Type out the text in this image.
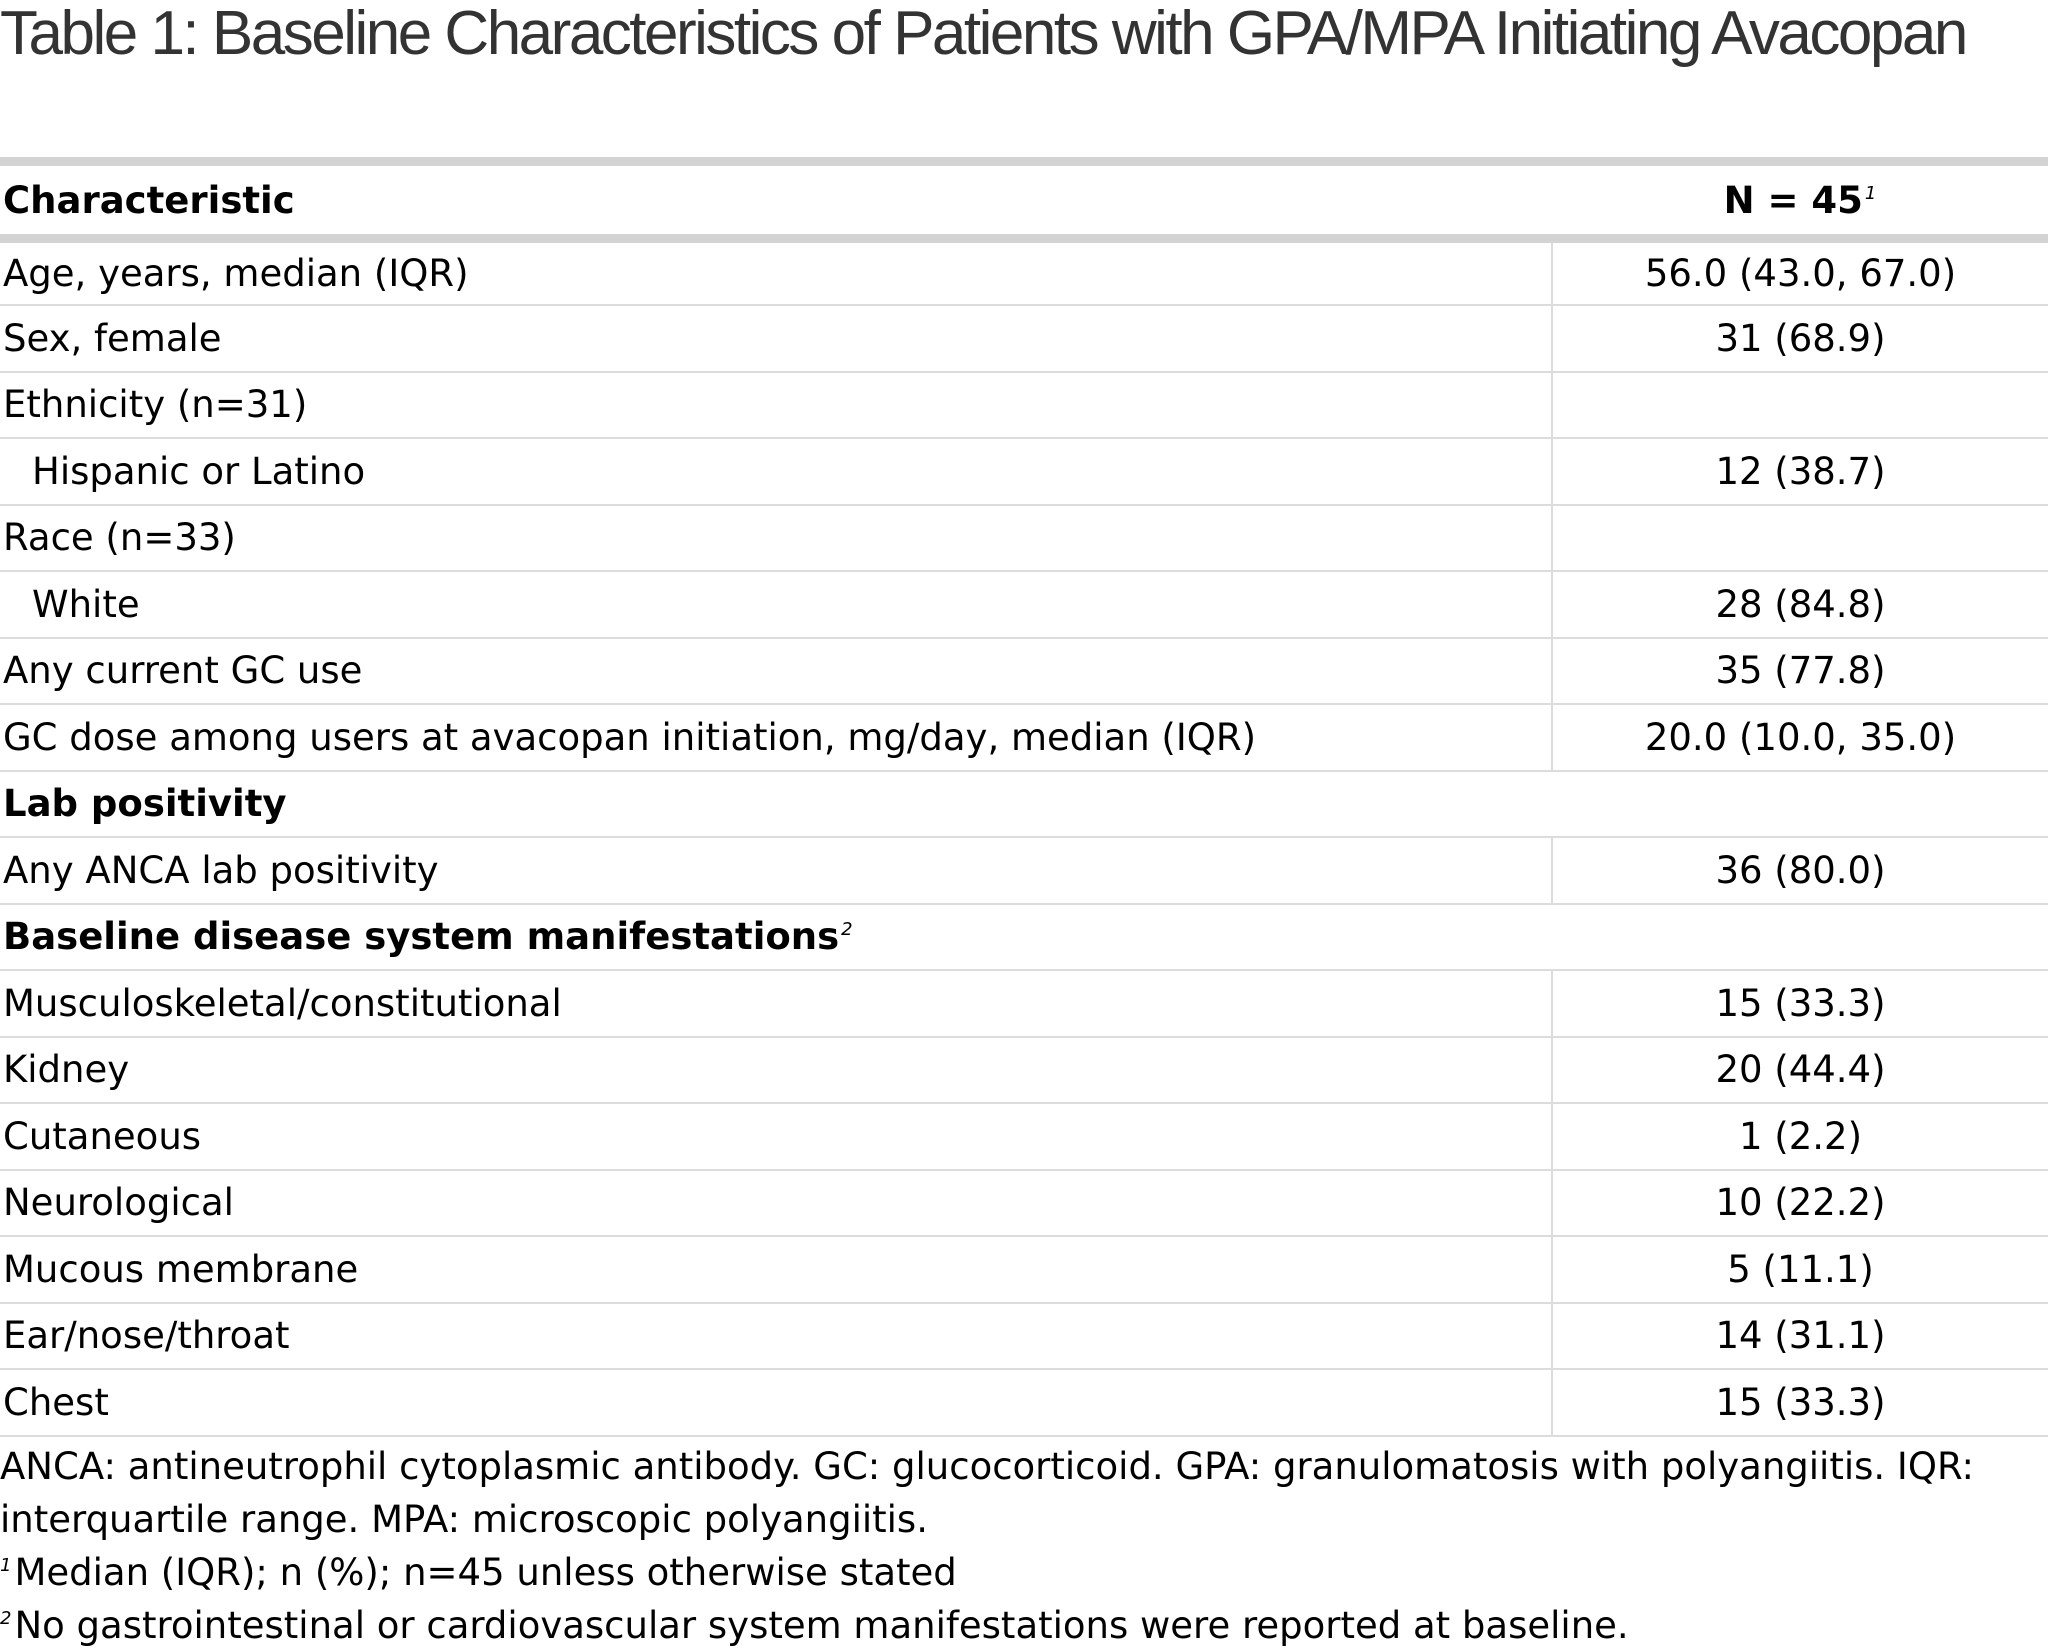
Table 1: Baseline Characteristics of Patients with GPA/MPA Initiating Avacopan
Characteristic	N = 45 $^1$
Age, years, median (IQR)	56.0 (43.0, 67.0)
Sex, female	31 (68.9)
Ethnicity (n=31)	
Hispanic or Latino	12 (38.7)
Race (n=33)	
White	28 (84.8)
Any current GC use	35 (77.8)
GC dose among users at avacopan initiation, mg/day, median (IQR)	20.0 (10.0, 35.0)
Lab positivity	
Any ANCA lab positivity	36 (80.0)
Baseline disease system manifestations $^2$	
Musculoskeletal/constitutional	15 (33.3)
Kidney	20 (44.4)
Cutaneous	1 (2.2)
Neurological	10 (22.2)
Mucous membrane	5 (11.1)
Ear/nose/throat	14 (31.1)
Chest	15 (33.3)

ANCA: antineutrophil cytoplasmic antibody. GC: glucocorticoid. GPA: granulomatosis with polyangiitis. IQR: interquartile range. MPA: microscopic polyangiitis.

$^1$Median (IQR); n (%); n=45 unless otherwise stated

$^2$No gastrointestinal or cardiovascular system manifestations were reported at baseline.
